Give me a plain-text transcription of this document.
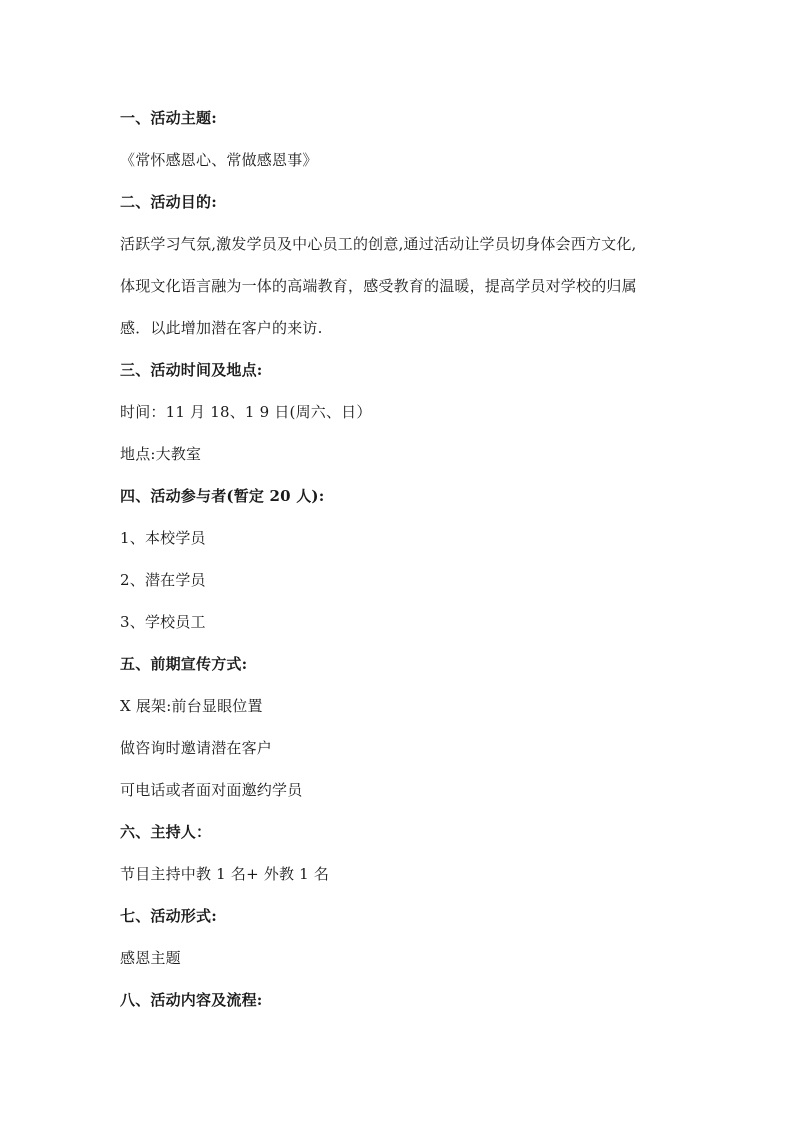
一、活动主题:
《常怀感恩心、常做感恩事》
二、活动目的:
活跃学习气氛,激发学员及中心员工的创意,通过活动让学员切身体会西方文化,
体现文化语言融为一体的高端教育，感受教育的温暖，提高学员对学校的归属
感．以此增加潜在客户的来访.
三、活动时间及地点:
时间：11 月 18、1 9 日(周六、日）
地点:大教室
四、活动参与者(暂定 20 人):
1、本校学员
2、潜在学员
3、学校员工
五、前期宣传方式:
X 展架:前台显眼位置
做咨询时邀请潜在客户
可电话或者面对面邀约学员
六、主持人：
节目主持中教 1 名+ 外教 1 名
七、活动形式:
感恩主题
八、活动内容及流程:
